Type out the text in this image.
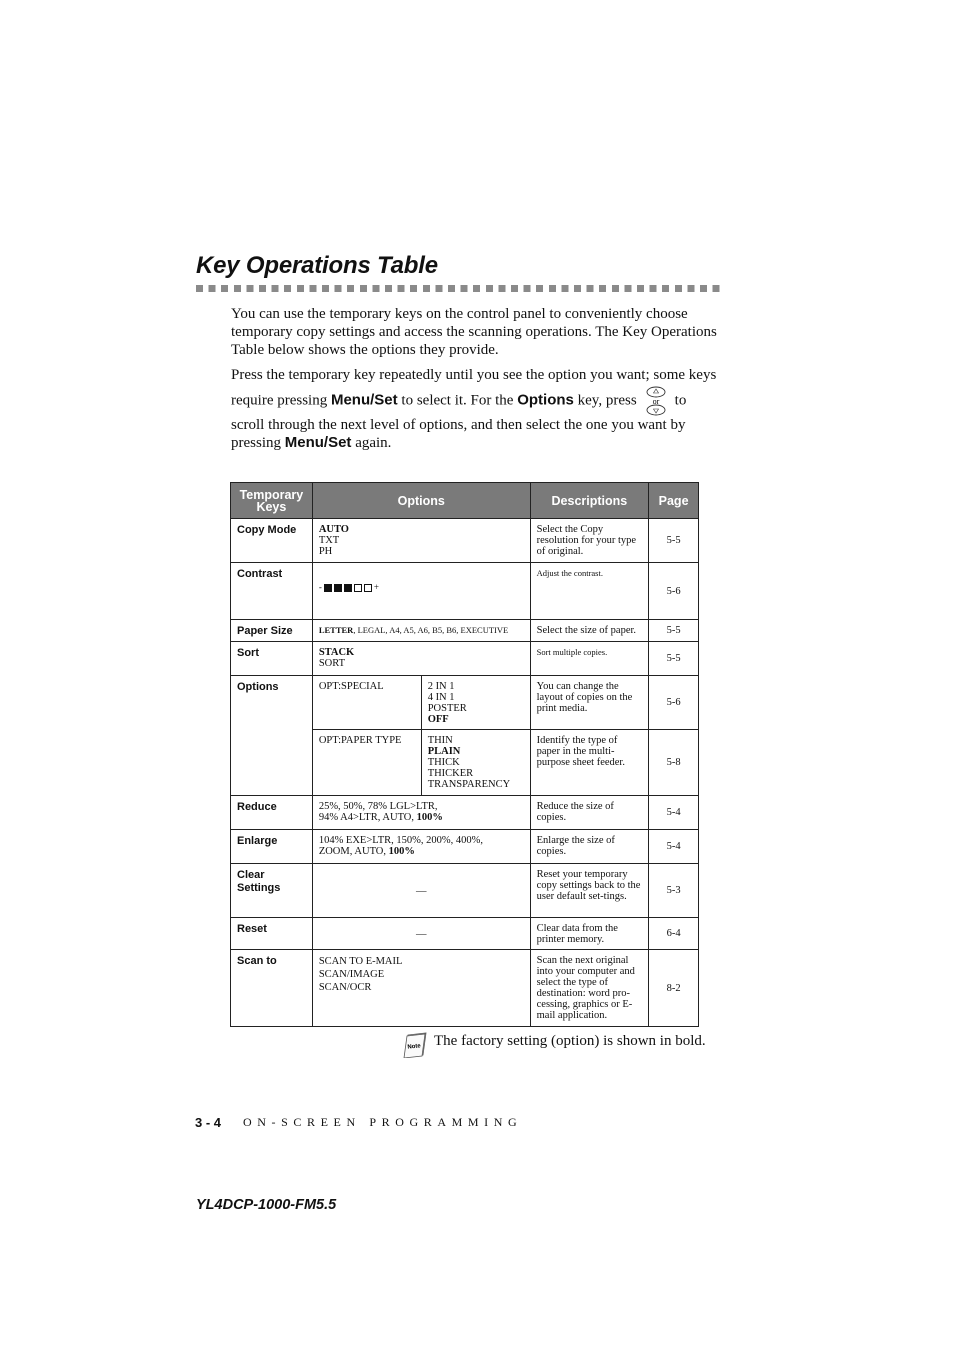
Key Operations Table

You can use the temporary keys on the control panel to conveniently choose temporary copy settings and access the scanning operations. The Key Operations Table below shows the options they provide.

Press the temporary key repeatedly until you see the option you want; some keys
require pressing Menu/Set to select it. For the Options key, press or to
scroll through the next level of options, and then select the one you want by pressing Menu/Set again.

Temporary Keys	Options		Descriptions	Page
Copy Mode	AUTO
TXT
PH		Select the Copy resolution for your type of original.	5-5
Contrast	- +		Adjust the contrast.	5-6
Paper Size	LETTER, LEGAL, A4, A5, A6, B5, B6, EXECUTIVE		Select the size of paper.	5-5
Sort	STACK
SORT		Sort multiple copies.	5-5
Options	OPT:SPECIAL	2 IN 1
4 IN 1
POSTER
OFF	You can change the layout of copies on the print media.	5-6
	OPT:PAPER TYPE	THIN
PLAIN
THICK
THICKER
TRANSPARENCY	Identify the type of paper in the multi-purpose sheet feeder.	5-8
Reduce	25%, 50%, 78% LGL>LTR,
94% A4>LTR, AUTO, 100%		Reduce the size of copies.	5-4
Enlarge	104% EXE>LTR, 150%, 200%, 400%,
ZOOM, AUTO, 100%		Enlarge the size of copies.	5-4
Clear Settings	—		Reset your temporary copy settings back to the user default set-tings.	5-3
Reset	—		Clear data from the printer memory.	6-4
Scan to	SCAN TO E-MAIL
SCAN/IMAGE
SCAN/OCR		Scan the next original into your computer and select the type of destination: word pro-cessing, graphics or E-mail application.	8-2
Note The factory setting (option) is shown in bold.
3 - 4 ON-SCREEN PROGRAMMING
YL4DCP-1000-FM5.5
